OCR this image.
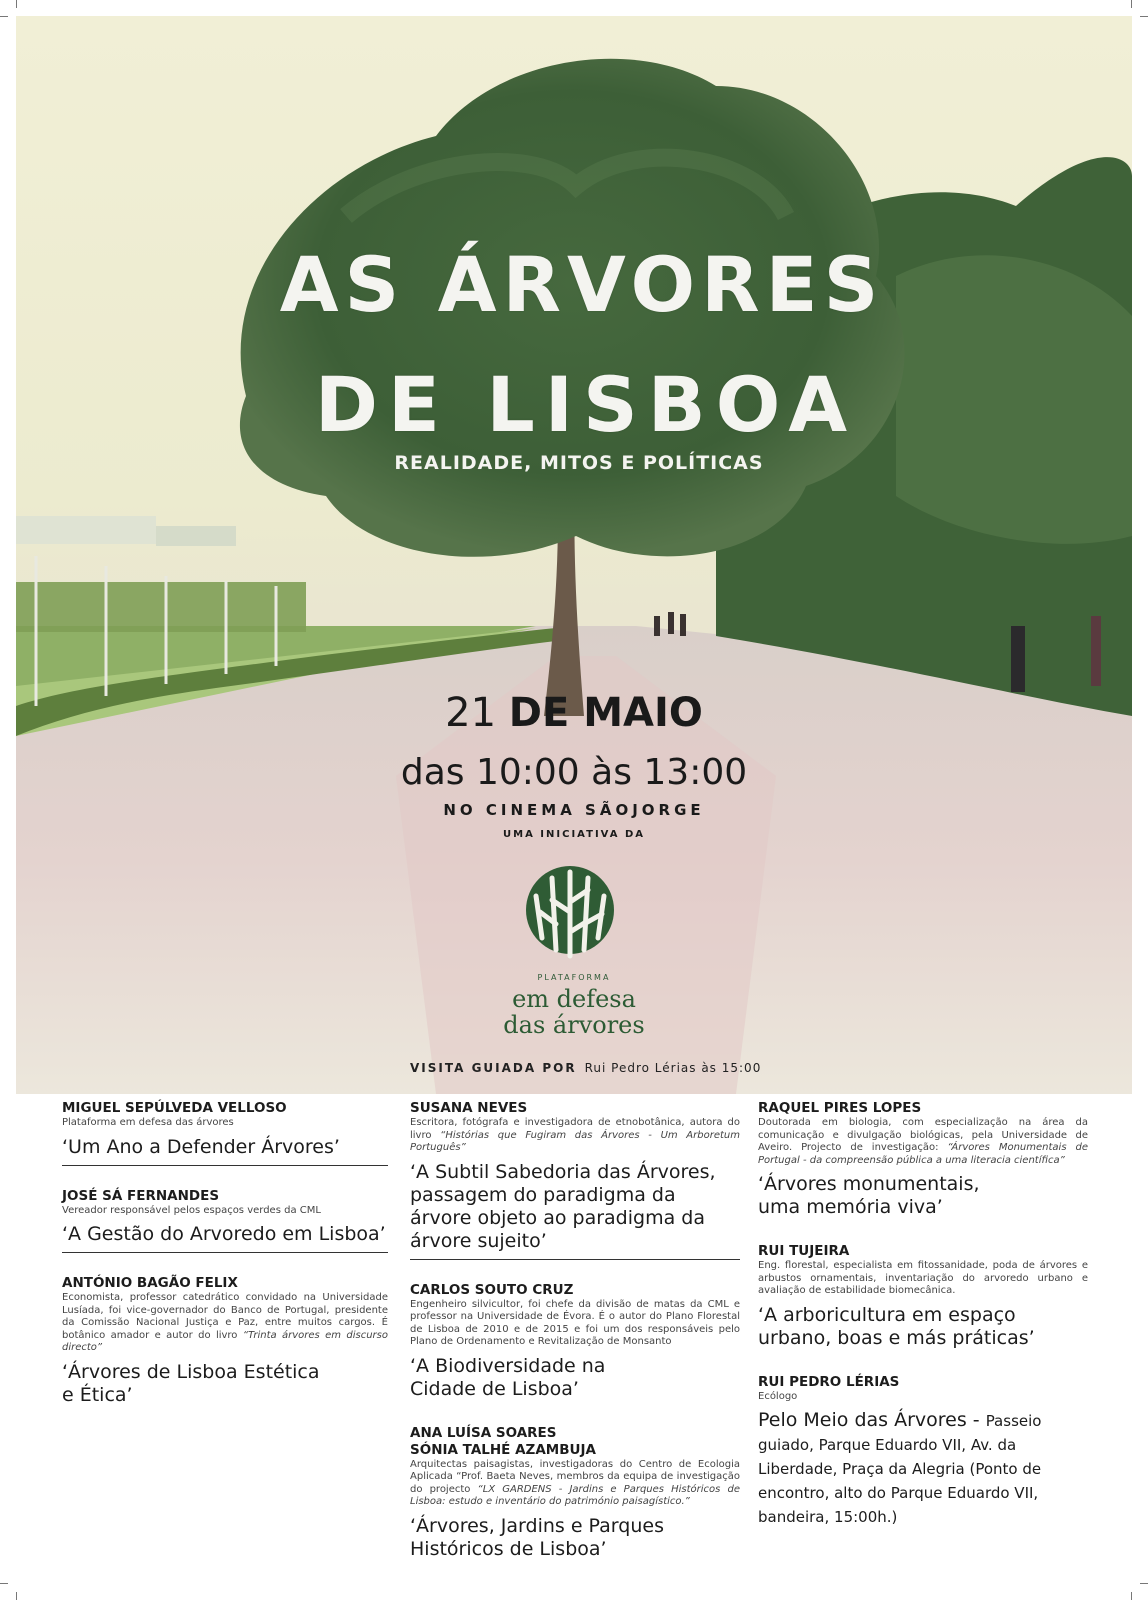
AS ÁRVORES
DE LISBOA
REALIDADE, MITOS E POLÍTICAS
21 DE MAIO
das 10:00 às 13:00
NO CINEMA SÃOJORGE
UMA INICIATIVA DA
PLATAFORMA
em defesa
das árvores
VISITA GUIADA POR Rui Pedro Lérias às 15:00
MIGUEL SEPÚLVEDA VELLOSO
Plataforma em defesa das árvores
‘Um Ano a Defender Árvores’
JOSÉ SÁ FERNANDES
Vereador responsável pelos espaços verdes da CML
‘A Gestão do Arvoredo em Lisboa’
ANTÓNIO BAGÃO FELIX
Economista, professor catedrático convidado na Universidade Lusíada, foi vice-governador do Banco de Portugal, presidente da Comissão Nacional Justiça e Paz, entre muitos cargos. É botânico amador e autor do livro “Trinta árvores em discurso directo”
‘Árvores de Lisboa Estética e Ética’
SUSANA NEVES
Escritora, fotógrafa e investigadora de etnobotânica, autora do livro “Histórias que Fugiram das Árvores - Um Arboretum Português”
‘A Subtil Sabedoria das Árvores, passagem do paradigma da árvore objeto ao paradigma da árvore sujeito’
CARLOS SOUTO CRUZ
Engenheiro silvicultor, foi chefe da divisão de matas da CML e professor na Universidade de Évora. É o autor do Plano Florestal de Lisboa de 2010 e de 2015 e foi um dos responsáveis pelo Plano de Ordenamento e Revitalização de Monsanto
‘A Biodiversidade na Cidade de Lisboa’
ANA LUÍSA SOARES
SÓNIA TALHÉ AZAMBUJA
Arquitectas paisagistas, investigadoras do Centro de Ecologia Aplicada “Prof. Baeta Neves, membros da equipa de investigação do projecto “LX GARDENS - Jardins e Parques Históricos de Lisboa: estudo e inventário do património paisagístico.”
‘Árvores, Jardins e Parques Históricos de Lisboa’
RAQUEL PIRES LOPES
Doutorada em biologia, com especialização na área da comunicação e divulgação biológicas, pela Universidade de Aveiro. Projecto de investigação: “Árvores Monumentais de Portugal - da compreensão pública a uma literacia científica”
‘Árvores monumentais, uma memória viva’
RUI TUJEIRA
Eng. florestal, especialista em fitossanidade, poda de árvores e arbustos ornamentais, inventariação do arvoredo urbano e avaliação de estabilidade biomecânica.
‘A arboricultura em espaço urbano, boas e más práticas’
RUI PEDRO LÉRIAS
Ecólogo
Pelo Meio das Árvores - Passeio guiado, Parque Eduardo VII, Av. da Liberdade, Praça da Alegria (Ponto de encontro, alto do Parque Eduardo VII, bandeira, 15:00h.)
